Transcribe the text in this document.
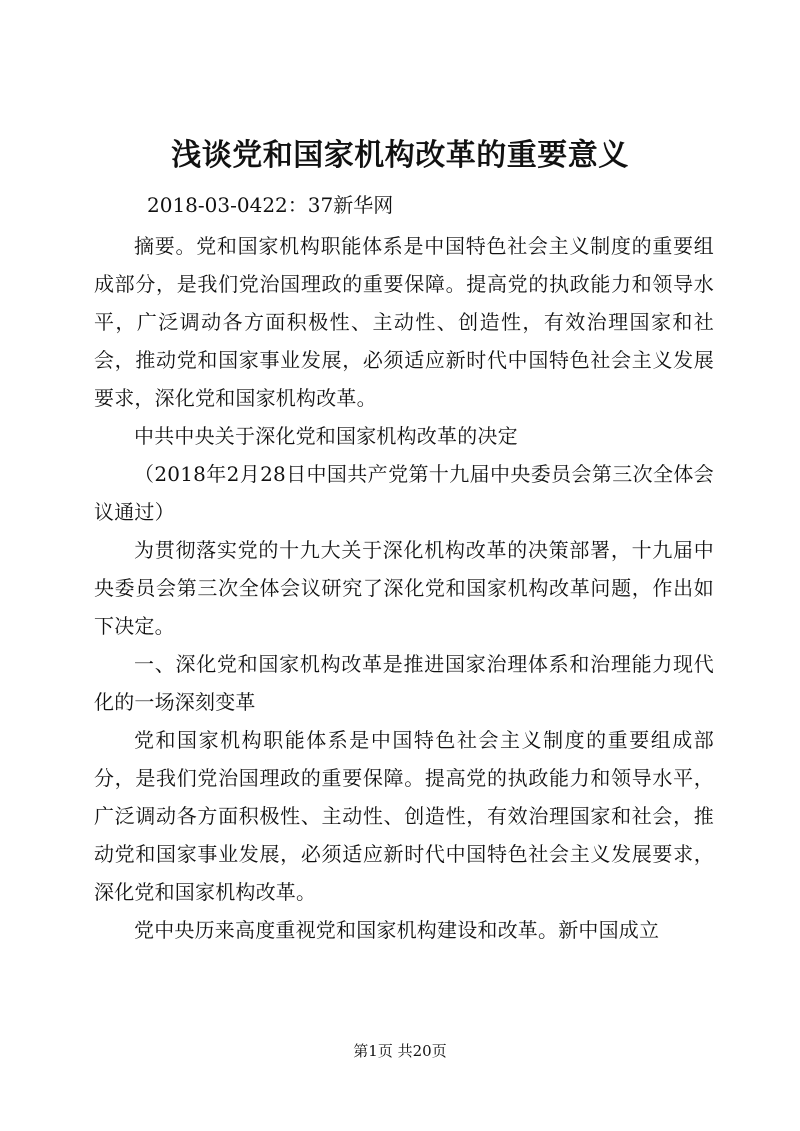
浅谈党和国家机构改革的重要意义
2018-03-0422：37新华网

摘要。党和国家机构职能体系是中国特色社会主义制度的重要组成部分，是我们党治国理政的重要保障。提高党的执政能力和领导水平，广泛调动各方面积极性、主动性、创造性，有效治理国家和社会，推动党和国家事业发展，必须适应新时代中国特色社会主义发展要求，深化党和国家机构改革。

中共中央关于深化党和国家机构改革的决定

（2018年2月28日中国共产党第十九届中央委员会第三次全体会议通过）

为贯彻落实党的十九大关于深化机构改革的决策部署，十九届中央委员会第三次全体会议研究了深化党和国家机构改革问题，作出如下决定。

一、深化党和国家机构改革是推进国家治理体系和治理能力现代化的一场深刻变革

党和国家机构职能体系是中国特色社会主义制度的重要组成部分，是我们党治国理政的重要保障。提高党的执政能力和领导水平，广泛调动各方面积极性、主动性、创造性，有效治理国家和社会，推动党和国家事业发展，必须适应新时代中国特色社会主义发展要求，深化党和国家机构改革。

党中央历来高度重视党和国家机构建设和改革。新中国成立

第1页 共20页
